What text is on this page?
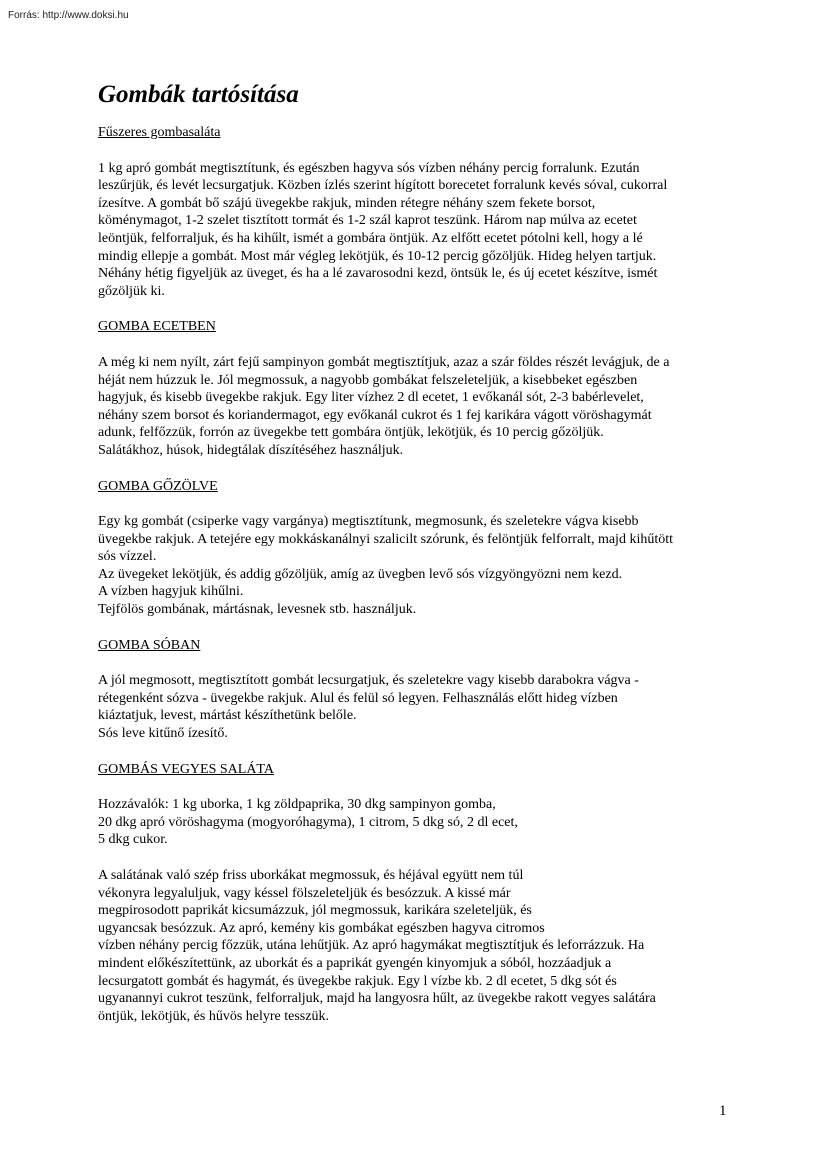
Forrás: http://www.doksi.hu
Gombák tartósítása
Fűszeres gombasaláta
1 kg apró gombát megtisztítunk, és egészben hagyva sós vízben néhány percig forralunk. Ezután
leszűrjük, és levét lecsurgatjuk. Közben ízlés szerint hígított borecetet forralunk kevés sóval, cukorral
ízesítve. A gombát bő szájú üvegekbe rakjuk, minden rétegre néhány szem fekete borsot,
köménymagot, 1-2 szelet tisztított tormát és 1-2 szál kaprot teszünk. Három nap múlva az ecetet
leöntjük, felforraljuk, és ha kihűlt, ismét a gombára öntjük. Az elfőtt ecetet pótolni kell, hogy a lé
mindig ellepje a gombát. Most már végleg lekötjük, és 10-12 percig gőzöljük. Hideg helyen tartjuk.
Néhány hétig figyeljük az üveget, és ha a lé zavarosodni kezd, öntsük le, és új ecetet készítve, ismét
gőzöljük ki.
GOMBA ECETBEN
A még ki nem nyílt, zárt fejű sampinyon gombát megtisztítjuk, azaz a szár földes részét levágjuk, de a
héját nem húzzuk le. Jól megmossuk, a nagyobb gombákat felszeleteljük, a kisebbeket egészben
hagyjuk, és kisebb üvegekbe rakjuk. Egy liter vízhez 2 dl ecetet, 1 evőkanál sót, 2-3 babérlevelet,
néhány szem borsot és koriandermagot, egy evőkanál cukrot és 1 fej karikára vágott vöröshagymát
adunk, felfőzzük, forrón az üvegekbe tett gombára öntjük, lekötjük, és 10 percig gőzöljük.
Salátákhoz, húsok, hidegtálak díszítéséhez használjuk.
GOMBA GŐZÖLVE
Egy kg gombát (csiperke vagy vargánya) megtisztítunk, megmosunk, és szeletekre vágva kisebb
üvegekbe rakjuk. A tetejére egy mokkáskanálnyi szalicilt szórunk, és felöntjük felforralt, majd kihűtött
sós vízzel.
Az üvegeket lekötjük, és addig gőzöljük, amíg az üvegben levő sós vízgyöngyözni nem kezd.
A vízben hagyjuk kihűlni.
Tejfölös gombának, mártásnak, levesnek stb. használjuk.
GOMBA SÓBAN
A jól megmosott, megtisztított gombát lecsurgatjuk, és szeletekre vagy kisebb darabokra vágva -
rétegenként sózva - üvegekbe rakjuk. Alul és felül só legyen. Felhasználás előtt hideg vízben
kiáztatjuk, levest, mártást készíthetünk belőle.
Sós leve kitűnő ízesítő.
GOMBÁS VEGYES SALÁTA
Hozzávalók: 1 kg uborka, 1 kg zöldpaprika, 30 dkg sampinyon gomba,
20 dkg apró vöröshagyma (mogyoróhagyma), 1 citrom, 5 dkg só, 2 dl ecet,
5 dkg cukor.
A salátának való szép friss uborkákat megmossuk, és héjával együtt nem túl
vékonyra legyaluljuk, vagy késsel fölszeleteljük és besózzuk. A kissé már
megpirosodott paprikát kicsumázzuk, jól megmossuk, karikára szeleteljük, és
ugyancsak besózzuk. Az apró, kemény kis gombákat egészben hagyva citromos
vízben néhány percig főzzük, utána lehűtjük. Az apró hagymákat megtisztítjuk és leforrázzuk. Ha
mindent előkészítettünk, az uborkát és a paprikát gyengén kinyomjuk a sóból, hozzáadjuk a
lecsurgatott gombát és hagymát, és üvegekbe rakjuk. Egy l vízbe kb. 2 dl ecetet, 5 dkg sót és
ugyanannyi cukrot teszünk, felforraljuk, majd ha langyosra hűlt, az üvegekbe rakott vegyes salátára
öntjük, lekötjük, és hűvös helyre tesszük.
1
